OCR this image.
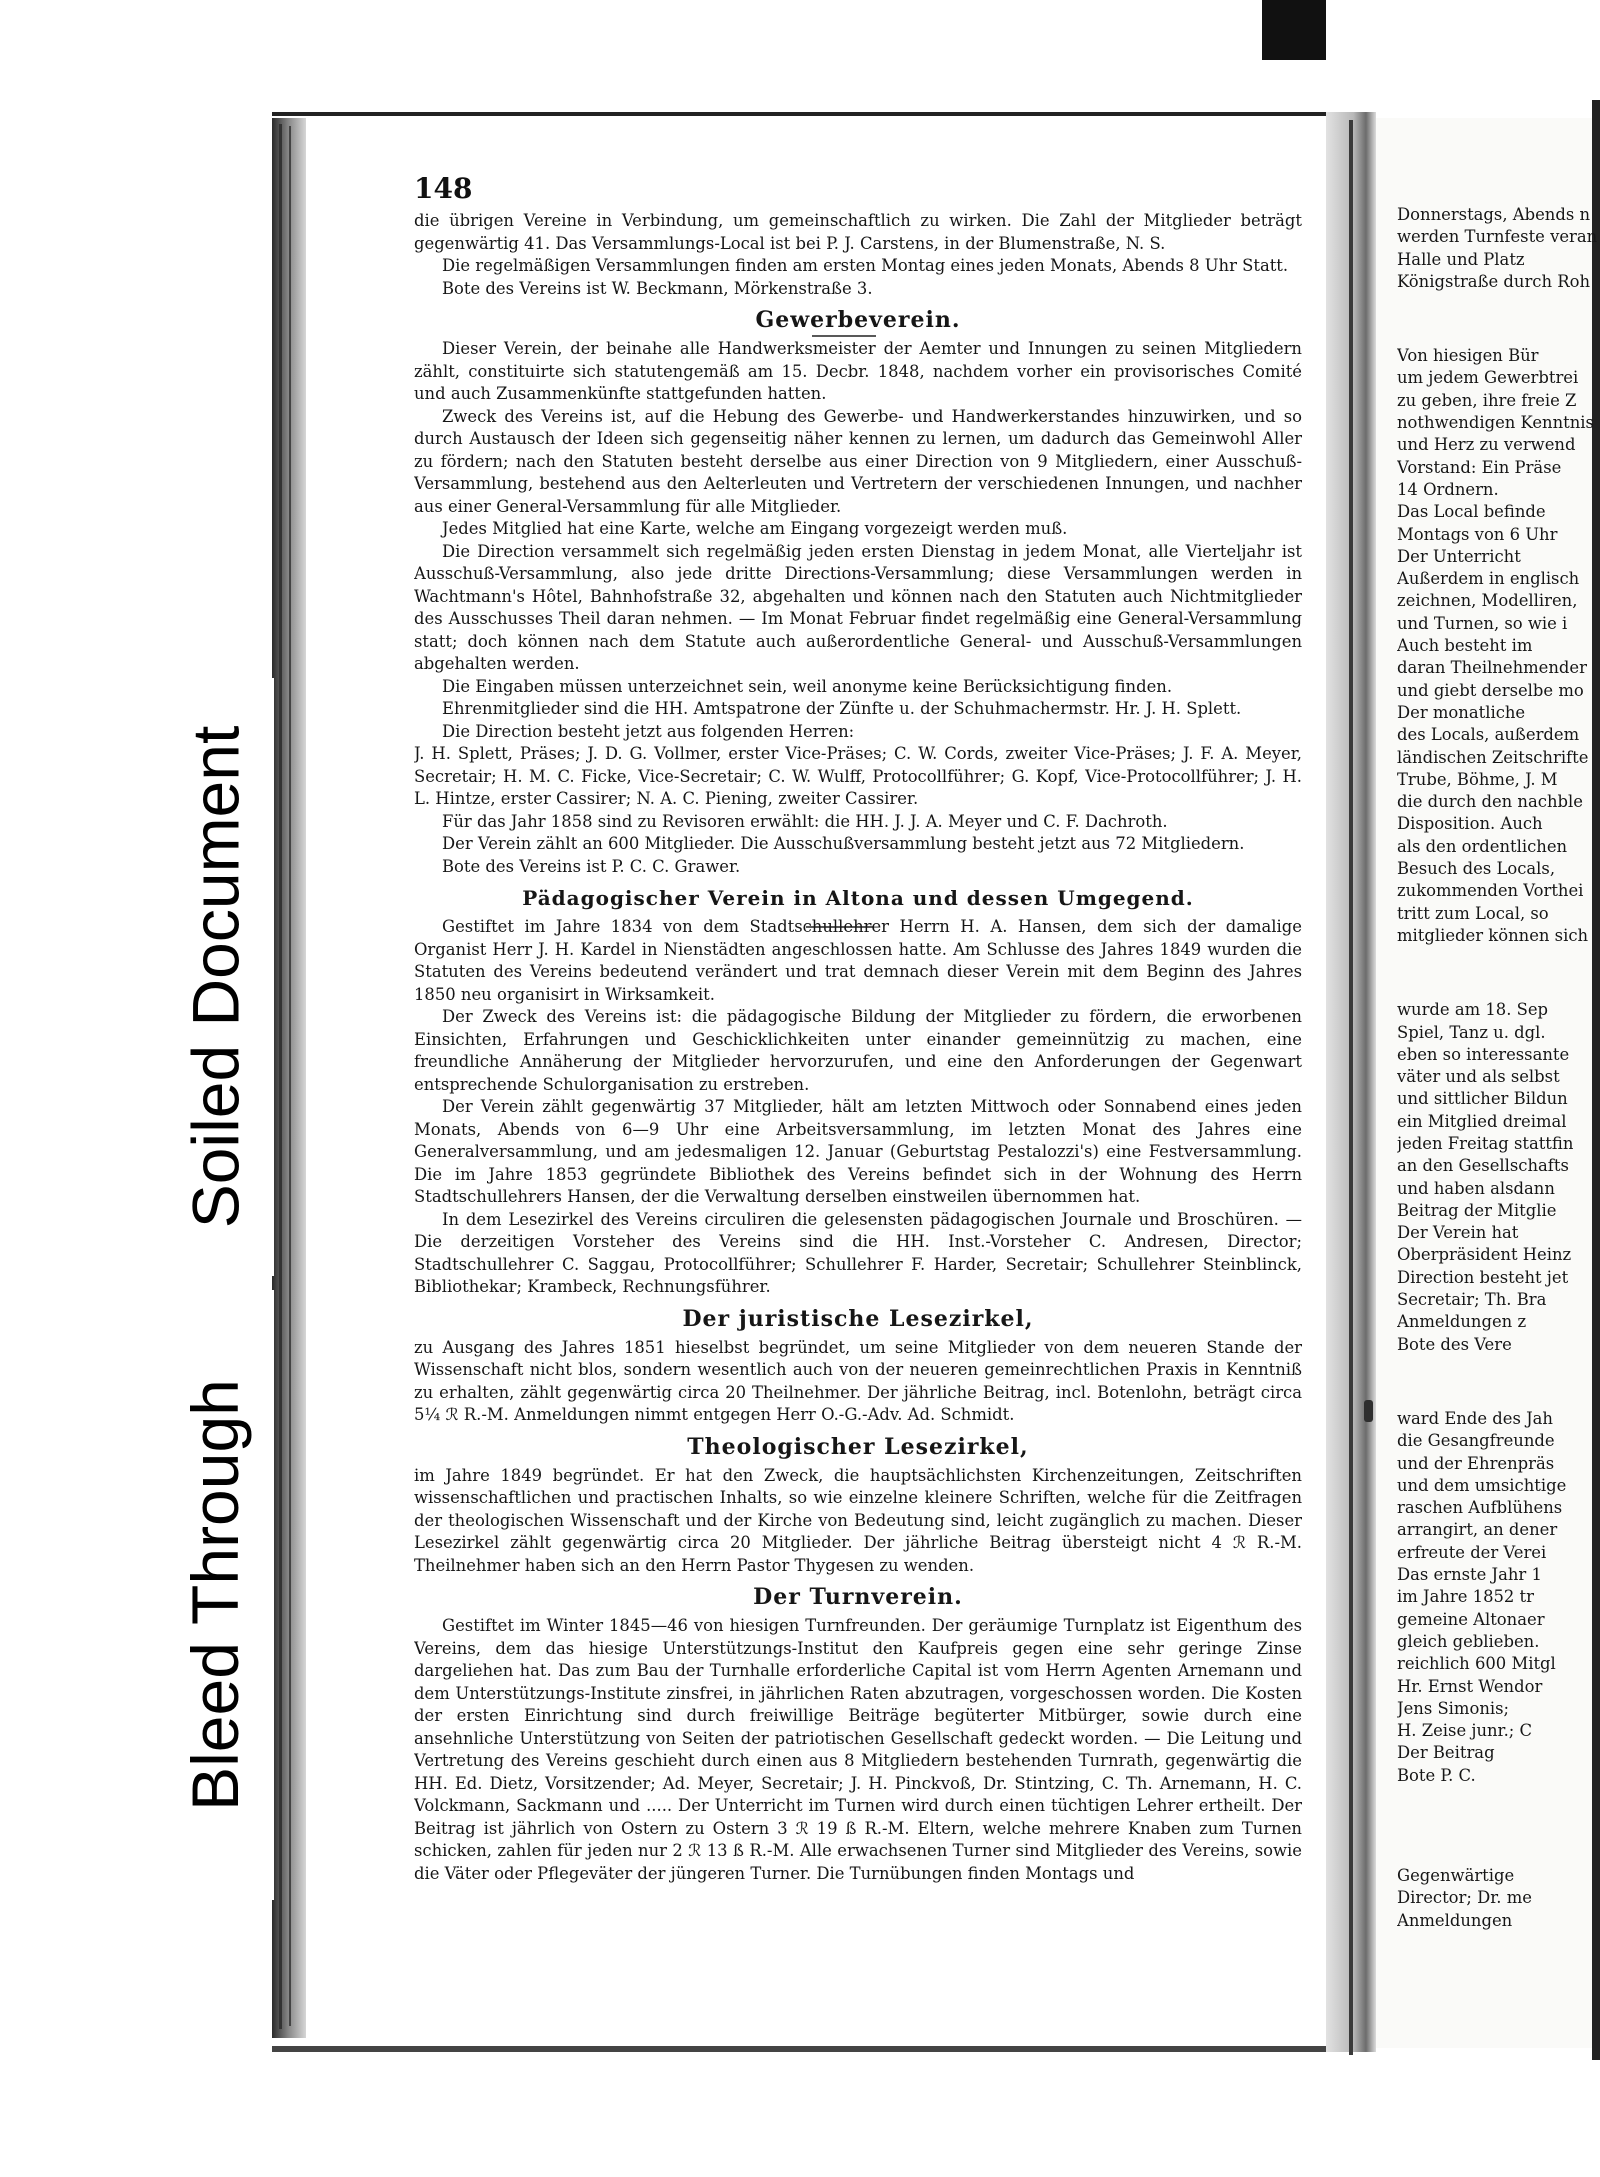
Bleed Through
Soiled Document
148

die übrigen Vereine in Verbindung, um gemeinschaftlich zu wirken. Die Zahl der Mitglieder beträgt gegenwärtig 41. Das Versammlungs-Local ist bei P. J. Carstens, in der Blumenstraße, N. S.

Die regelmäßigen Versammlungen finden am ersten Montag eines jeden Monats, Abends 8 Uhr Statt.

Bote des Vereins ist W. Beckmann, Mörkenstraße 3.

Gewerbeverein.

Dieser Verein, der beinahe alle Handwerksmeister der Aemter und Innungen zu seinen Mitgliedern zählt, constituirte sich statutengemäß am 15. Decbr. 1848, nachdem vorher ein provisorisches Comité und auch Zusammenkünfte stattgefunden hatten.

Zweck des Vereins ist, auf die Hebung des Gewerbe- und Handwerkerstandes hinzuwirken, und so durch Austausch der Ideen sich gegenseitig näher kennen zu lernen, um dadurch das Gemeinwohl Aller zu fördern; nach den Statuten besteht derselbe aus einer Direction von 9 Mitgliedern, einer Ausschuß-Versammlung, bestehend aus den Aelterleuten und Vertretern der verschiedenen Innungen, und nachher aus einer General-Versammlung für alle Mitglieder.

Jedes Mitglied hat eine Karte, welche am Eingang vorgezeigt werden muß.

Die Direction versammelt sich regelmäßig jeden ersten Dienstag in jedem Monat, alle Vierteljahr ist Ausschuß-Versammlung, also jede dritte Directions-Versammlung; diese Versammlungen werden in Wachtmann's Hôtel, Bahnhofstraße 32, abgehalten und können nach den Statuten auch Nichtmitglieder des Ausschusses Theil daran nehmen. — Im Monat Februar findet regelmäßig eine General-Versammlung statt; doch können nach dem Statute auch außerordentliche General- und Ausschuß-Versammlungen abgehalten werden.

Die Eingaben müssen unterzeichnet sein, weil anonyme keine Berücksichtigung finden.

Ehrenmitglieder sind die HH. Amtspatrone der Zünfte u. der Schuhmachermstr. Hr. J. H. Splett.

Die Direction besteht jetzt aus folgenden Herren:

J. H. Splett, Präses; J. D. G. Vollmer, erster Vice-Präses; C. W. Cords, zweiter Vice-Präses; J. F. A. Meyer, Secretair; H. M. C. Ficke, Vice-Secretair; C. W. Wulff, Protocollführer; G. Kopf, Vice-Protocollführer; J. H. L. Hintze, erster Cassirer; N. A. C. Piening, zweiter Cassirer.

Für das Jahr 1858 sind zu Revisoren erwählt: die HH. J. J. A. Meyer und C. F. Dachroth.

Der Verein zählt an 600 Mitglieder. Die Ausschußversammlung besteht jetzt aus 72 Mitgliedern.

Bote des Vereins ist P. C. C. Grawer.

Pädagogischer Verein in Altona und dessen Umgegend.

Gestiftet im Jahre 1834 von dem Stadtschullehrer Herrn H. A. Hansen, dem sich der damalige Organist Herr J. H. Kardel in Nienstädten angeschlossen hatte. Am Schlusse des Jahres 1849 wurden die Statuten des Vereins bedeutend verändert und trat demnach dieser Verein mit dem Beginn des Jahres 1850 neu organisirt in Wirksamkeit.

Der Zweck des Vereins ist: die pädagogische Bildung der Mitglieder zu fördern, die erworbenen Einsichten, Erfahrungen und Geschicklichkeiten unter einander gemeinnützig zu machen, eine freundliche Annäherung der Mitglieder hervorzurufen, und eine den Anforderungen der Gegenwart entsprechende Schulorganisation zu erstreben.

Der Verein zählt gegenwärtig 37 Mitglieder, hält am letzten Mittwoch oder Sonnabend eines jeden Monats, Abends von 6—9 Uhr eine Arbeitsversammlung, im letzten Monat des Jahres eine Generalversammlung, und am jedesmaligen 12. Januar (Geburtstag Pestalozzi's) eine Festversammlung. Die im Jahre 1853 gegründete Bibliothek des Vereins befindet sich in der Wohnung des Herrn Stadtschullehrers Hansen, der die Verwaltung derselben einstweilen übernommen hat.

In dem Lesezirkel des Vereins circuliren die gelesensten pädagogischen Journale und Broschüren. — Die derzeitigen Vorsteher des Vereins sind die HH. Inst.-Vorsteher C. Andresen, Director; Stadtschullehrer C. Saggau, Protocollführer; Schullehrer F. Harder, Secretair; Schullehrer Steinblinck, Bibliothekar; Krambeck, Rechnungsführer.

Der juristische Lesezirkel,

zu Ausgang des Jahres 1851 hieselbst begründet, um seine Mitglieder von dem neueren Stande der Wissenschaft nicht blos, sondern wesentlich auch von der neueren gemeinrechtlichen Praxis in Kenntniß zu erhalten, zählt gegenwärtig circa 20 Theilnehmer. Der jährliche Beitrag, incl. Botenlohn, beträgt circa 5¼ ℛ R.-M. Anmeldungen nimmt entgegen Herr O.-G.-Adv. Ad. Schmidt.

Theologischer Lesezirkel,

im Jahre 1849 begründet. Er hat den Zweck, die hauptsächlichsten Kirchenzeitungen, Zeitschriften wissenschaftlichen und practischen Inhalts, so wie einzelne kleinere Schriften, welche für die Zeitfragen der theologischen Wissenschaft und der Kirche von Bedeutung sind, leicht zugänglich zu machen. Dieser Lesezirkel zählt gegenwärtig circa 20 Mitglieder. Der jährliche Beitrag übersteigt nicht 4 ℛ R.-M. Theilnehmer haben sich an den Herrn Pastor Thygesen zu wenden.

Der Turnverein.

Gestiftet im Winter 1845—46 von hiesigen Turnfreunden. Der geräumige Turnplatz ist Eigenthum des Vereins, dem das hiesige Unterstützungs-Institut den Kaufpreis gegen eine sehr geringe Zinse dargeliehen hat. Das zum Bau der Turnhalle erforderliche Capital ist vom Herrn Agenten Arnemann und dem Unterstützungs-Institute zinsfrei, in jährlichen Raten abzutragen, vorgeschossen worden. Die Kosten der ersten Einrichtung sind durch freiwillige Beiträge begüterter Mitbürger, sowie durch eine ansehnliche Unterstützung von Seiten der patriotischen Gesellschaft gedeckt worden. — Die Leitung und Vertretung des Vereins geschieht durch einen aus 8 Mitgliedern bestehenden Turnrath, gegenwärtig die HH. Ed. Dietz, Vorsitzender; Ad. Meyer, Secretair; J. H. Pinckvoß, Dr. Stintzing, C. Th. Arnemann, H. C. Volckmann, Sackmann und ..... Der Unterricht im Turnen wird durch einen tüchtigen Lehrer ertheilt. Der Beitrag ist jährlich von Ostern zu Ostern 3 ℛ 19 ß R.-M. Eltern, welche mehrere Knaben zum Turnen schicken, zahlen für jeden nur 2 ℛ 13 ß R.-M. Alle erwachsenen Turner sind Mitglieder des Vereins, sowie die Väter oder Pflegeväter der jüngeren Turner. Die Turnübungen finden Montags und

Donnerstags, Abends n
werden Turnfeste veran
Halle und Platz
Königstraße durch Roh
Von hiesigen Bür
um jedem Gewerbtrei
zu geben, ihre freie Z
nothwendigen Kenntnis
und Herz zu verwend
Vorstand: Ein Präse
14 Ordnern.
Das Local befinde
Montags von 6 Uhr
Der Unterricht
Außerdem in englisch
zeichnen, Modelliren,
und Turnen, so wie i
Auch besteht im
daran Theilnehmender
und giebt derselbe mo
Der monatliche
des Locals, außerdem
ländischen Zeitschrifte
Trube, Böhme, J. M
die durch den nachble
Disposition. Auch
als den ordentlichen
Besuch des Locals,
zukommenden Vorthei
tritt zum Local, so
mitglieder können sich
wurde am 18. Sep
Spiel, Tanz u. dgl.
eben so interessante
väter und als selbst
und sittlicher Bildun
ein Mitglied dreimal
jeden Freitag stattfin
an den Gesellschafts
und haben alsdann
Beitrag der Mitglie
Der Verein hat
Oberpräsident Heinz
Direction besteht jet
Secretair; Th. Bra
Anmeldungen z
Bote des Vere
ward Ende des Jah
die Gesangfreunde
und der Ehrenpräs
und dem umsichtige
raschen Aufblühens
arrangirt, an dener
erfreute der Verei
Das ernste Jahr 1
im Jahre 1852 tr
gemeine Altonaer
gleich geblieben.
reichlich 600 Mitgl
Hr. Ernst Wendor
Jens Simonis;
H. Zeise junr.; C
Der Beitrag
Bote P. C.
Gegenwärtige
Director; Dr. me
Anmeldungen
